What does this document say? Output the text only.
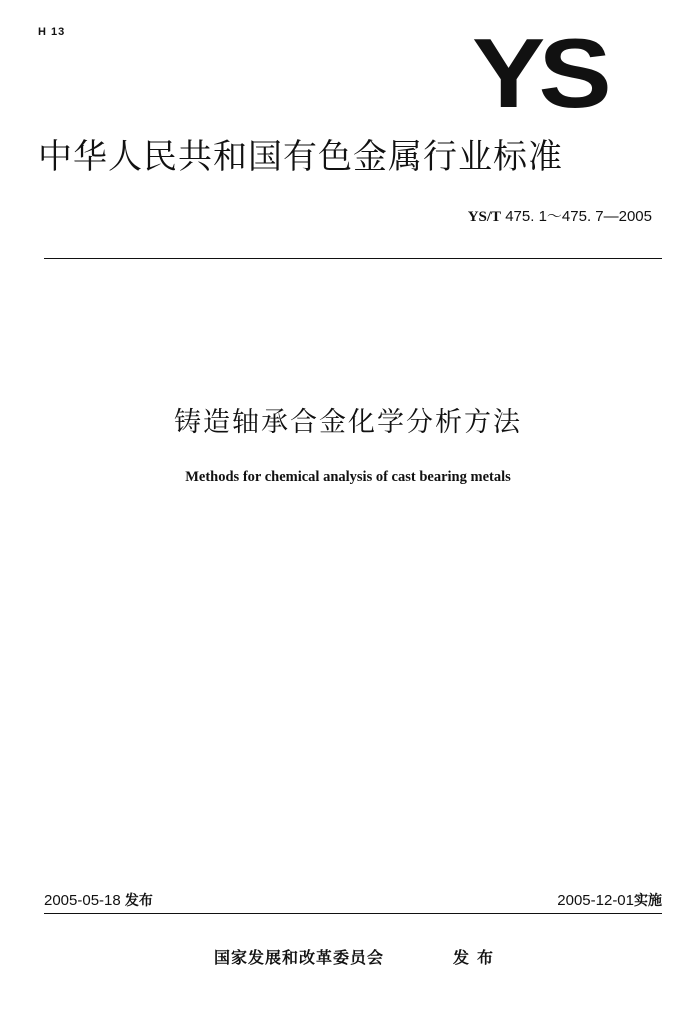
H 13	YS
中华人民共和国有色金属行业标准
YS/T 475. 1～475. 7—2005
铸造轴承合金化学分析方法
Methods for chemical analysis of cast bearing metals
2005-05-18 发布	2005-12-01实施
国家发展和改革委员会	发布
